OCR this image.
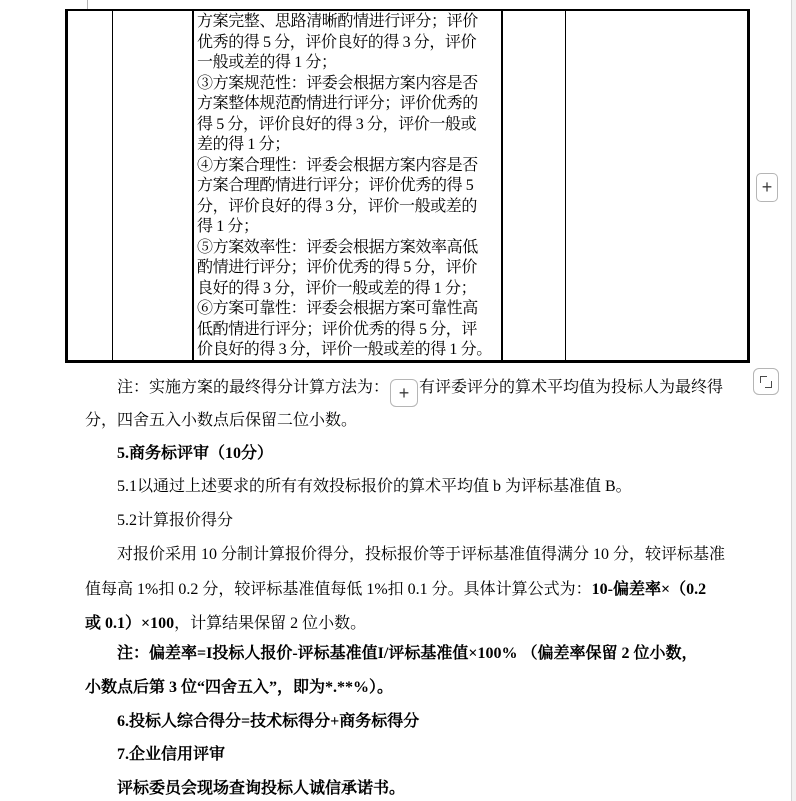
方案完整、思路清晰酌情进行评分；评价
优秀的得 5 分，评价良好的得 3 分，评价
一般或差的得 1 分；
③方案规范性：评委会根据方案内容是否
方案整体规范酌情进行评分；评价优秀的
得 5 分，评价良好的得 3 分，评价一般或
差的得 1 分；
④方案合理性：评委会根据方案内容是否
方案合理酌情进行评分；评价优秀的得 5
分，评价良好的得 3 分，评价一般或差的
得 1 分；
⑤方案效率性：评委会根据方案效率高低
酌情进行评分；评价优秀的得 5 分，评价
良好的得 3 分，评价一般或差的得 1 分；
⑥方案可靠性：评委会根据方案可靠性高
低酌情进行评分；评价优秀的得 5 分，评
价良好的得 3 分，评价一般或差的得 1 分。
+
注：实施方案的最终得分计算方法为： + 有评委评分的算术平均值为投标人为最终得
分，四舍五入小数点后保留二位小数。
5.商务标评审（10分）
5.1以通过上述要求的所有有效投标报价的算术平均值 b 为评标基准值 B。
5.2计算报价得分
对报价采用 10 分制计算报价得分，投标报价等于评标基准值得满分 10 分，较评标基准
值每高 1%扣 0.2 分，较评标基准值每低 1%扣 0.1 分。具体计算公式为：10-偏差率×（0.2
或 0.1）×100，计算结果保留 2 位小数。
注：偏差率=I投标人报价-评标基准值I/评标基准值×100% （偏差率保留 2 位小数，
小数点后第 3 位“四舍五入”，即为*.**%）。
6.投标人综合得分=技术标得分+商务标得分
7.企业信用评审
评标委员会现场查询投标人诚信承诺书。
